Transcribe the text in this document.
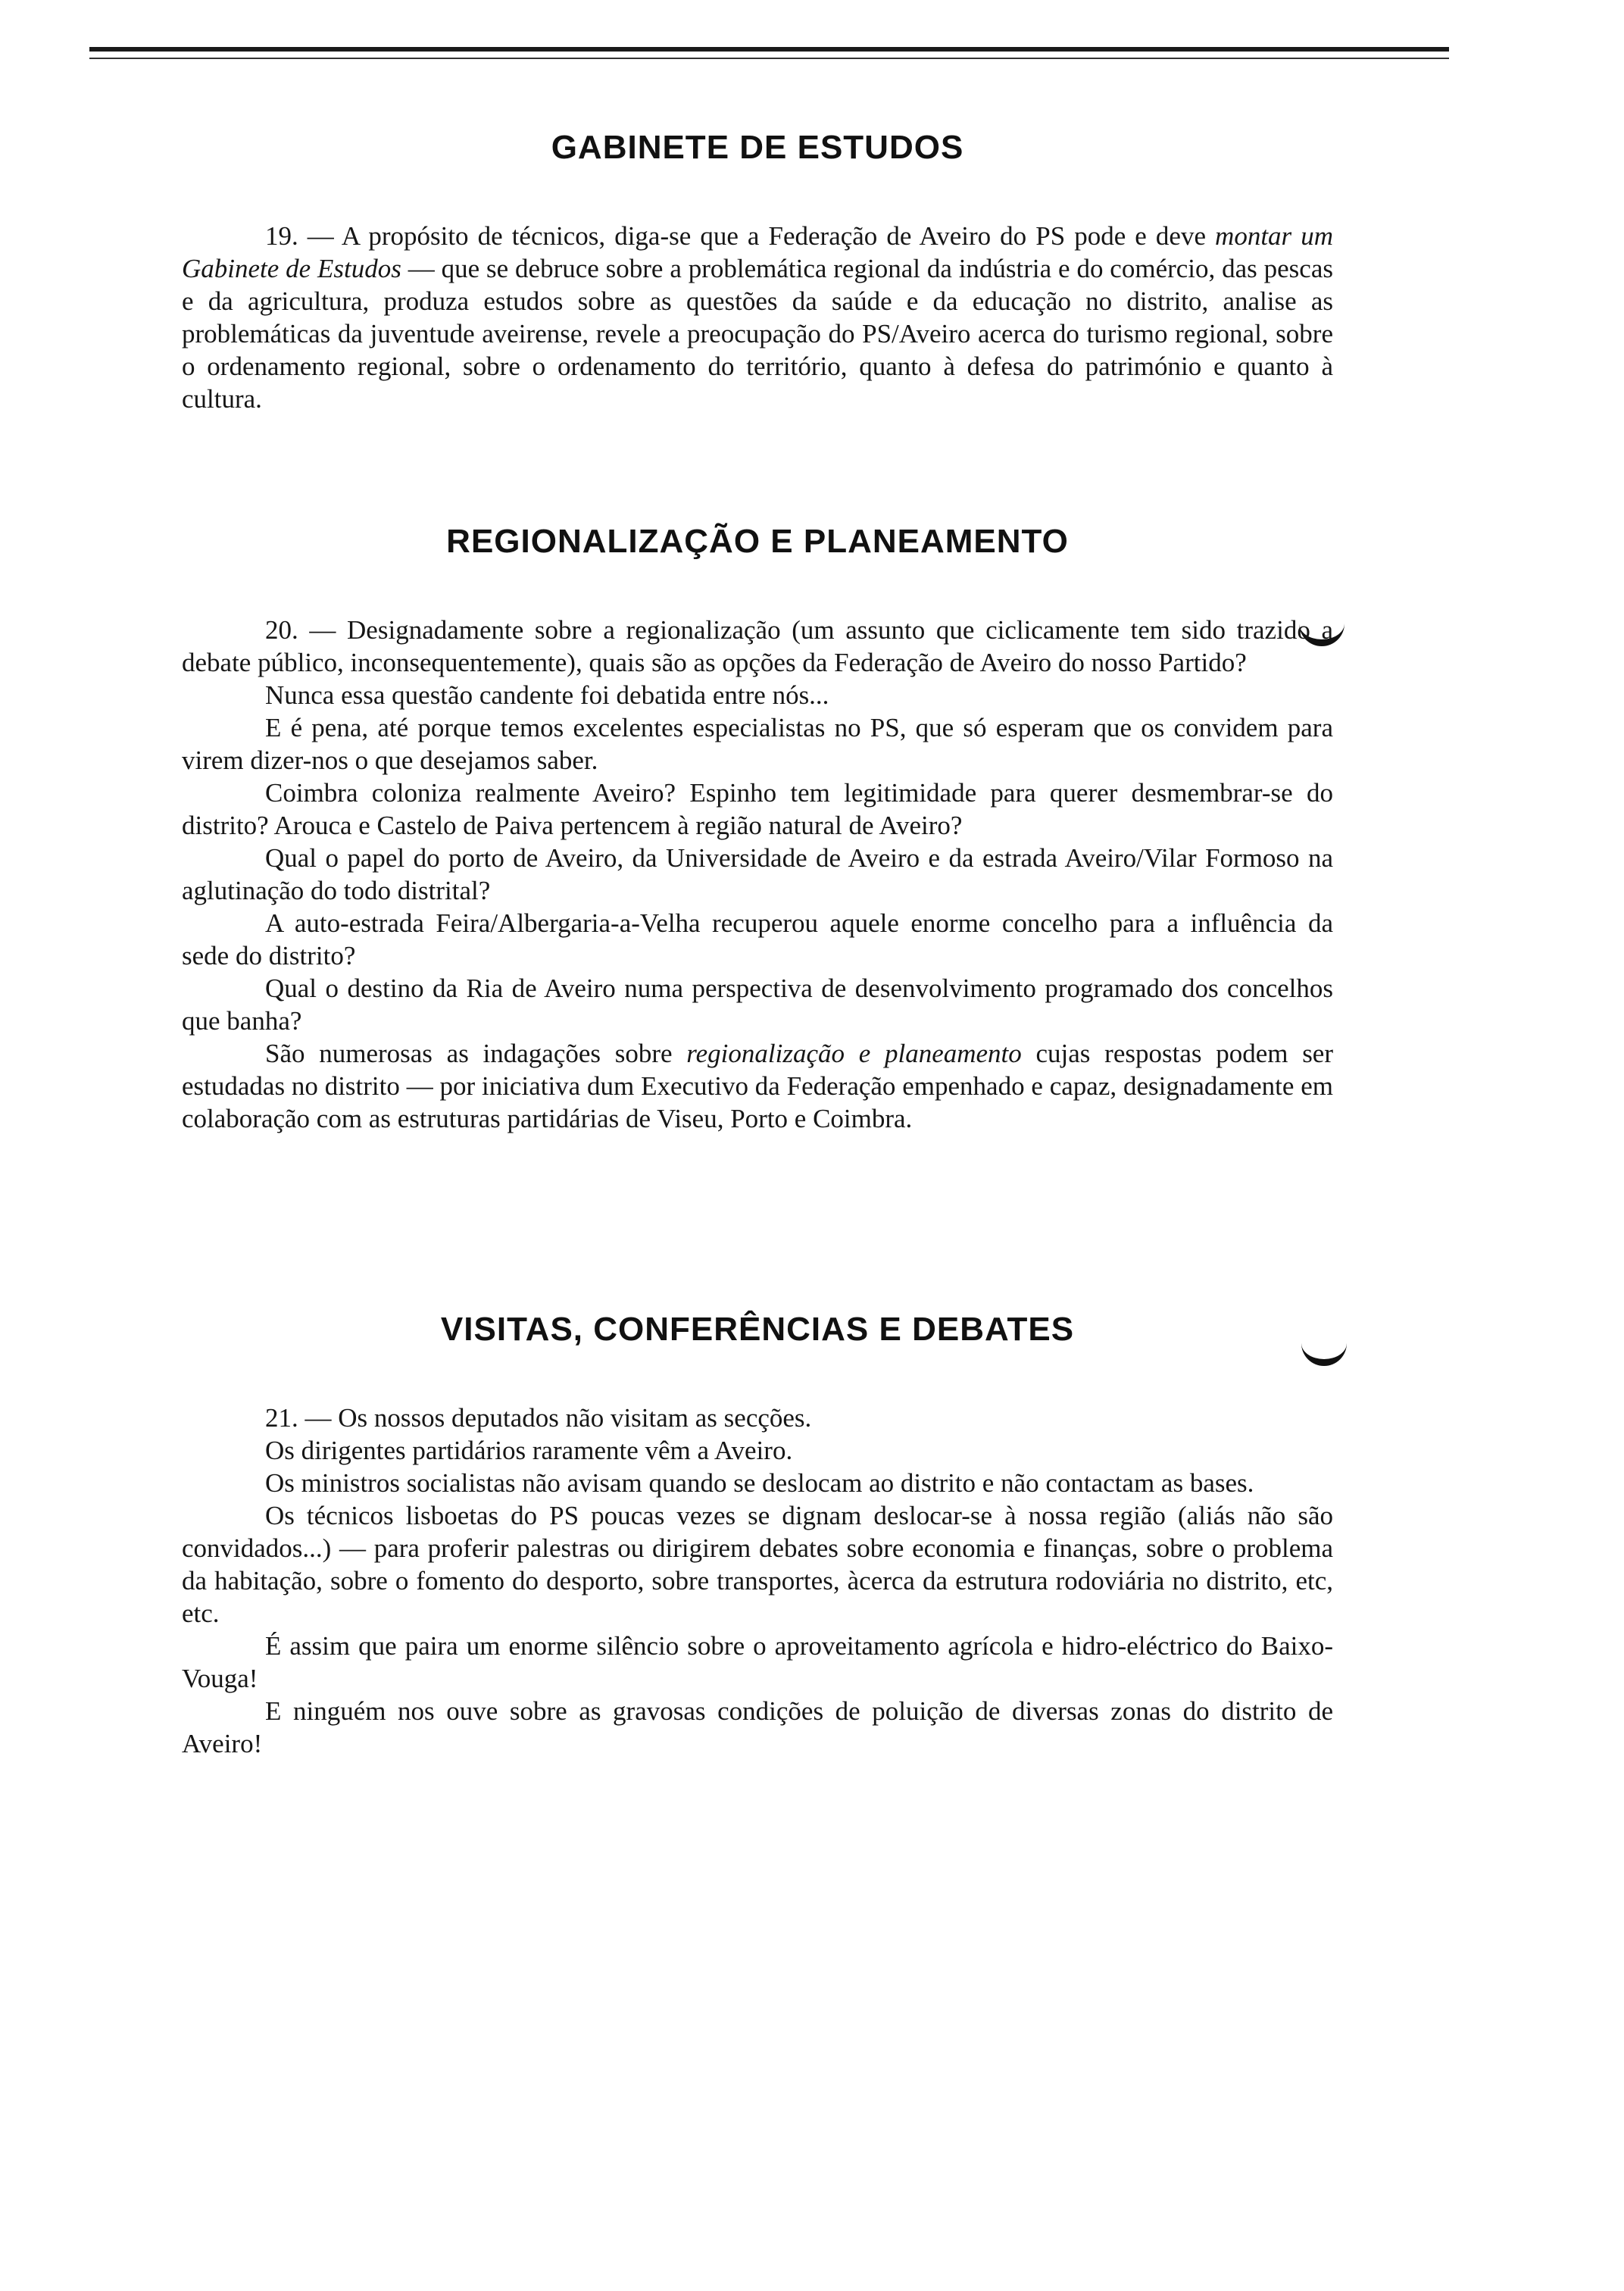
GABINETE DE ESTUDOS

19. — A propósito de técnicos, diga-se que a Federação de Aveiro do PS pode e deve montar um Gabinete de Estudos — que se debruce sobre a problemática regional da indústria e do comércio, das pescas e da agricultura, produza estudos sobre as questões da saúde e da educação no distrito, analise as problemáticas da juventude aveirense, revele a preocupação do PS/Aveiro acerca do turismo regional, sobre o ordenamento regional, sobre o ordenamento do território, quanto à defesa do património e quanto à cultura.

REGIONALIZAÇÃO E PLANEAMENTO

20. — Designadamente sobre a regionalização (um assunto que ciclicamente tem sido trazido a debate público, inconsequentemente), quais são as opções da Federação de Aveiro do nosso Partido?

Nunca essa questão candente foi debatida entre nós...

E é pena, até porque temos excelentes especialistas no PS, que só esperam que os convidem para virem dizer-nos o que desejamos saber.

Coimbra coloniza realmente Aveiro? Espinho tem legitimidade para querer desmembrar-se do distrito? Arouca e Castelo de Paiva pertencem à região natural de Aveiro?

Qual o papel do porto de Aveiro, da Universidade de Aveiro e da estrada Aveiro/Vilar Formoso na aglutinação do todo distrital?

A auto-estrada Feira/Albergaria-a-Velha recuperou aquele enorme concelho para a influência da sede do distrito?

Qual o destino da Ria de Aveiro numa perspectiva de desenvolvimento programado dos concelhos que banha?

São numerosas as indagações sobre regionalização e planeamento cujas respostas podem ser estudadas no distrito — por iniciativa dum Executivo da Federação empenhado e capaz, designadamente em colaboração com as estruturas partidárias de Viseu, Porto e Coimbra.

VISITAS, CONFERÊNCIAS E DEBATES

21. — Os nossos deputados não visitam as secções.

Os dirigentes partidários raramente vêm a Aveiro.

Os ministros socialistas não avisam quando se deslocam ao distrito e não contactam as bases.

Os técnicos lisboetas do PS poucas vezes se dignam deslocar-se à nossa região (aliás não são convidados...) — para proferir palestras ou dirigirem debates sobre economia e finanças, sobre o problema da habitação, sobre o fomento do desporto, sobre transportes, àcerca da estrutura rodoviária no distrito, etc, etc.

É assim que paira um enorme silêncio sobre o aproveitamento agrícola e hidro-eléctrico do Baixo-Vouga!

E ninguém nos ouve sobre as gravosas condições de poluição de diversas zonas do distrito de Aveiro!
